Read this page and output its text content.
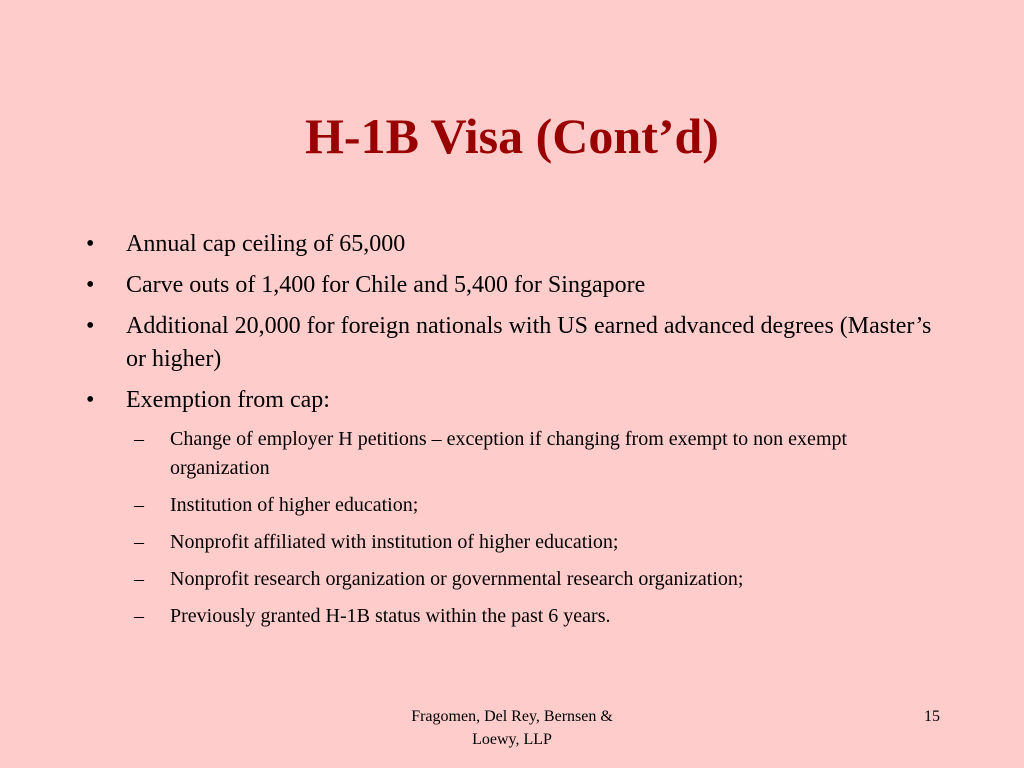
H-1B Visa (Cont’d)
•	Annual cap ceiling of 65,000
•	Carve outs of 1,400 for Chile and 5,400 for Singapore
•	Additional 20,000 for foreign nationals with US earned advanced degrees (Master’s or higher)
•	Exemption from cap:
– Change of employer H petitions – exception if changing from exempt to non exempt organization
– Institution of higher education;
– Nonprofit affiliated with institution of higher education;
– Nonprofit research organization or governmental research organization;
– Previously granted H-1B status within the past 6 years.
Fragomen, Del Rey, Bernsen &
Loewy, LLP
15
